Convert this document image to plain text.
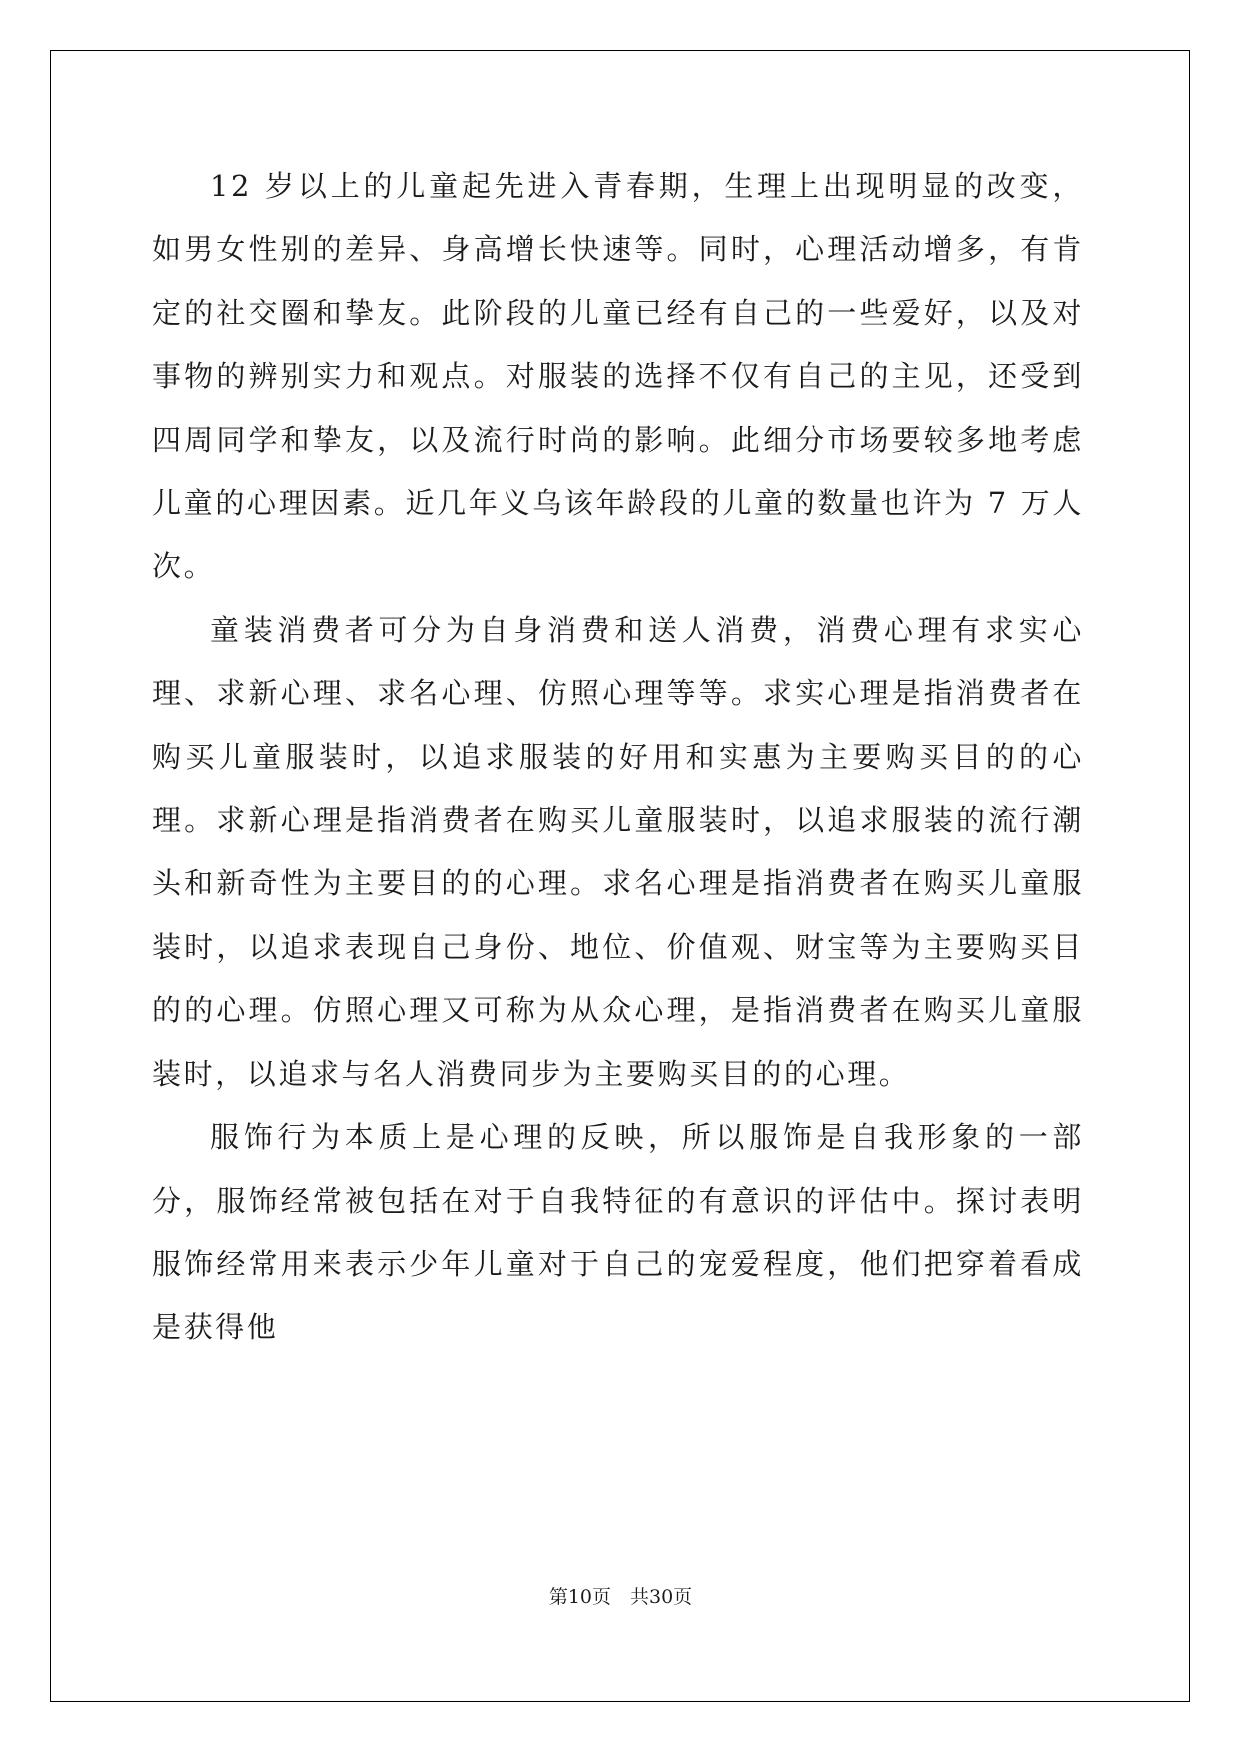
12 岁以上的儿童起先进入青春期，生理上出现明显的改变，如男女性别的差异、身高增长快速等。同时，心理活动增多，有肯定的社交圈和挚友。此阶段的儿童已经有自己的一些爱好，以及对事物的辨别实力和观点。对服装的选择不仅有自己的主见，还受到四周同学和挚友，以及流行时尚的影响。此细分市场要较多地考虑儿童的心理因素。近几年义乌该年龄段的儿童的数量也许为 7 万人次。

童装消费者可分为自身消费和送人消费，消费心理有求实心理、求新心理、求名心理、仿照心理等等。求实心理是指消费者在购买儿童服装时，以追求服装的好用和实惠为主要购买目的的心理。求新心理是指消费者在购买儿童服装时，以追求服装的流行潮头和新奇性为主要目的的心理。求名心理是指消费者在购买儿童服装时，以追求表现自己身份、地位、价值观、财宝等为主要购买目的的心理。仿照心理又可称为从众心理，是指消费者在购买儿童服装时，以追求与名人消费同步为主要购买目的的心理。

服饰行为本质上是心理的反映，所以服饰是自我形象的一部分，服饰经常被包括在对于自我特征的有意识的评估中。探讨表明服饰经常用来表示少年儿童对于自己的宠爱程度，他们把穿着看成是获得他

第10页　共30页
